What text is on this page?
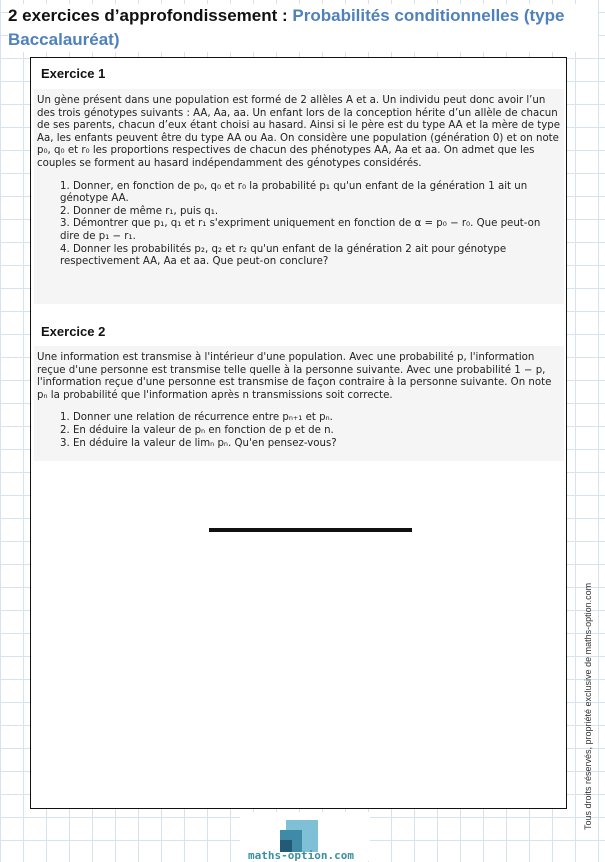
2 exercices d’approfondissement : Probabilités conditionnelles (type Baccalauréat)
Exercice 1

Un gène présent dans une population est formé de 2 allèles A et a. Un individu peut donc avoir l’un des trois génotypes suivants : AA, Aa, aa. Un enfant lors de la conception hérite d’un allèle de chacun de ses parents, chacun d’eux étant choisi au hasard. Ainsi si le père est du type AA et la mère de type Aa, les enfants peuvent être du type AA ou Aa. On considère une population (génération 0) et on note p₀, q₀ et r₀ les proportions respectives de chacun des phénotypes AA, Aa et aa. On admet que les couples se forment au hasard indépendamment des génotypes considérés.

1. Donner, en fonction de p₀, q₀ et r₀ la probabilité p₁ qu'un enfant de la génération 1 ait un génotype AA.
2. Donner de même r₁, puis q₁.
3. Démontrer que p₁, q₁ et r₁ s'expriment uniquement en fonction de α = p₀ − r₀. Que peut-on dire de p₁ − r₁.
4. Donner les probabilités p₂, q₂ et r₂ qu'un enfant de la génération 2 ait pour génotype respectivement AA, Aa et aa. Que peut-on conclure?
Exercice 2

Une information est transmise à l'intérieur d'une population. Avec une probabilité p, l'information reçue d'une personne est transmise telle quelle à la personne suivante. Avec une probabilité 1 − p, l'information reçue d'une personne est transmise de façon contraire à la personne suivante. On note pₙ la probabilité que l'information après n transmissions soit correcte.

1. Donner une relation de récurrence entre pₙ₊₁ et pₙ.
2. En déduire la valeur de pₙ en fonction de p et de n.
3. En déduire la valeur de limₙ pₙ. Qu'en pensez-vous?
Tous droits réservés, propriété exclusive de maths-option.com
maths-option.com
